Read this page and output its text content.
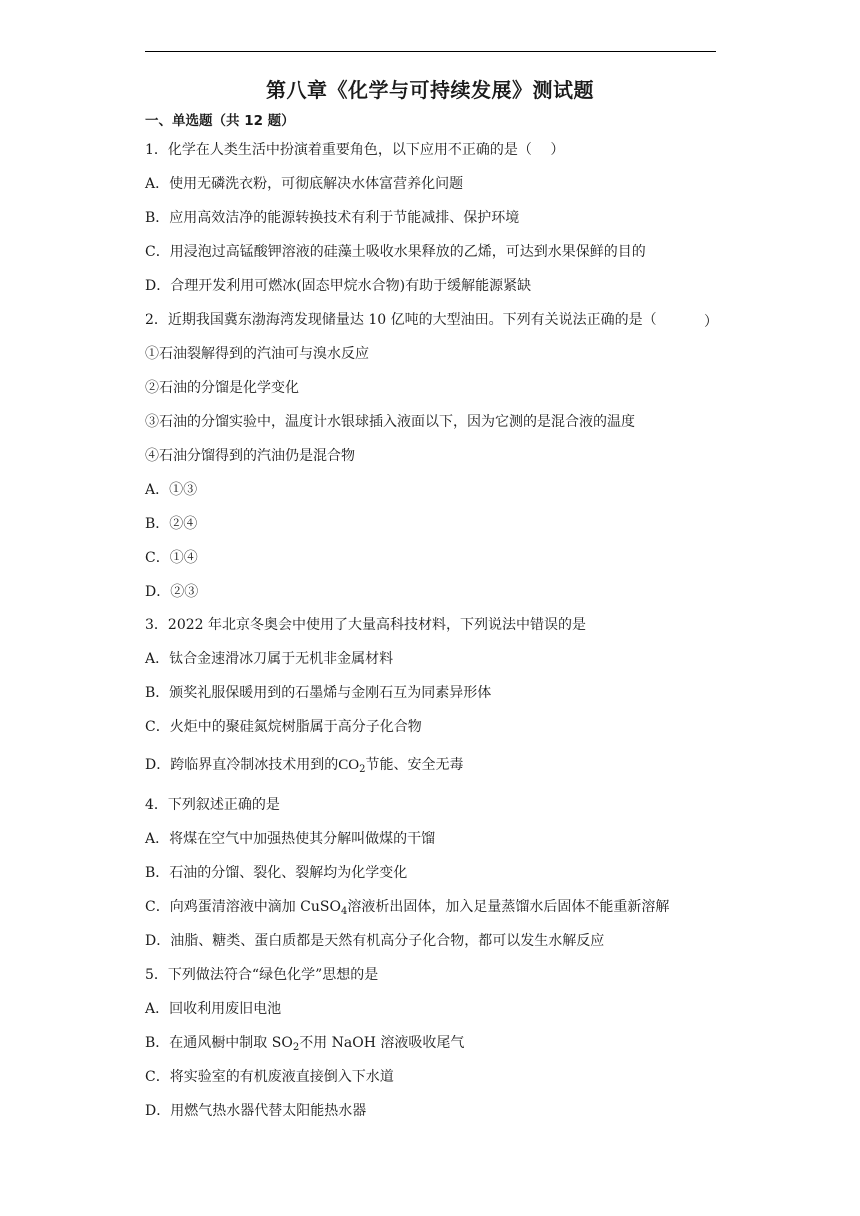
第八章《化学与可持续发展》测试题
一、单选题（共 12 题）
1．化学在人类生活中扮演着重要角色，以下应用不正确的是（　 ）
A．使用无磷洗衣粉，可彻底解决水体富营养化问题
B．应用高效洁净的能源转换技术有利于节能减排、保护环境
C．用浸泡过高锰酸钾溶液的硅藻土吸收水果释放的乙烯，可达到水果保鲜的目的
D．合理开发利用可燃冰(固态甲烷水合物)有助于缓解能源紧缺
2．近期我国冀东渤海湾发现储量达 10 亿吨的大型油田。下列有关说法正确的是（	）
①石油裂解得到的汽油可与溴水反应
②石油的分馏是化学变化
③石油的分馏实验中，温度计水银球插入液面以下，因为它测的是混合液的温度
④石油分馏得到的汽油仍是混合物
A．①③
B．②④
C．①④
D．②③
3．2022 年北京冬奥会中使用了大量高科技材料，下列说法中错误的是
A．钛合金速滑冰刀属于无机非金属材料
B．颁奖礼服保暖用到的石墨烯与金刚石互为同素异形体
C．火炬中的聚硅氮烷树脂属于高分子化合物
D．跨临界直冷制冰技术用到的$CO_2$节能、安全无毒
4．下列叙述正确的是
A．将煤在空气中加强热使其分解叫做煤的干馏
B．石油的分馏、裂化、裂解均为化学变化
C．向鸡蛋清溶液中滴加 CuSO$_4$溶液析出固体，加入足量蒸馏水后固体不能重新溶解
D．油脂、糖类、蛋白质都是天然有机高分子化合物，都可以发生水解反应
5．下列做法符合“绿色化学”思想的是
A．回收利用废旧电池
B．在通风橱中制取 $SO_2$不用 NaOH 溶液吸收尾气
C．将实验室的有机废液直接倒入下水道
D．用燃气热水器代替太阳能热水器
